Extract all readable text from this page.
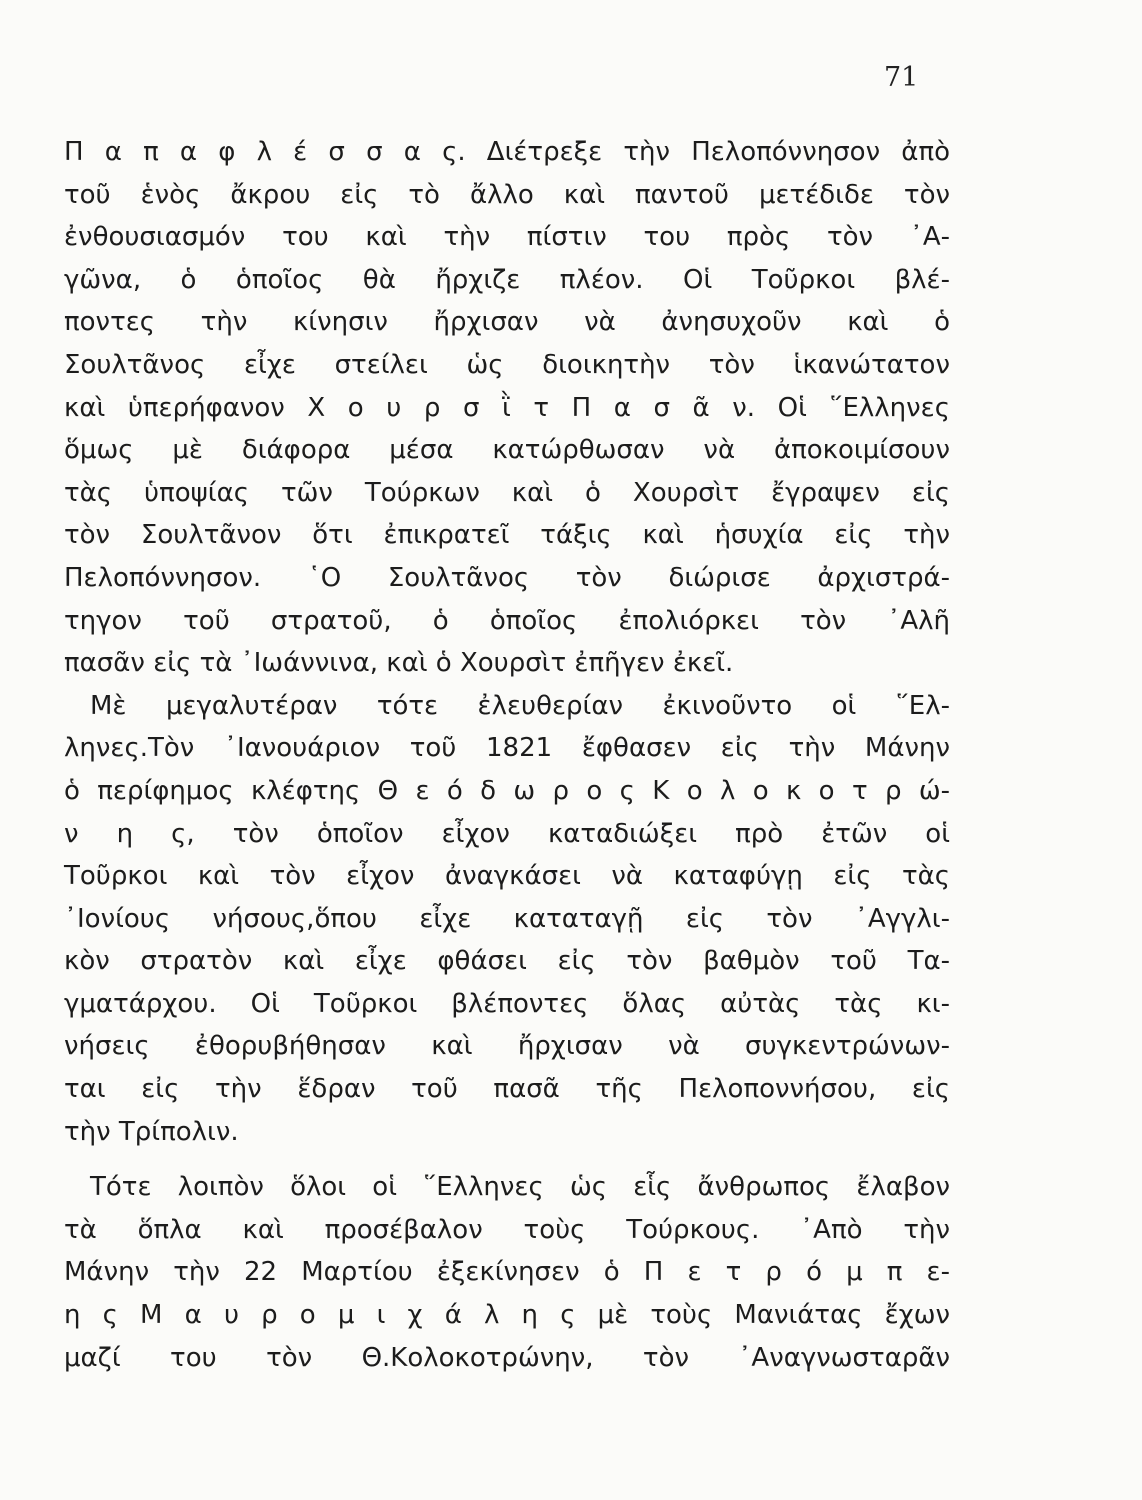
71
Π α π α φ λ έ σ σ α ς. Διέτρεξε τὴν Πελοπόννησον ἀπὸ
τοῦ ἑνὸς ἄκρου εἰς τὸ ἄλλο καὶ παντοῦ μετέδιδε τὸν
ἐνθουσιασμόν του καὶ τὴν πίστιν του πρὸς τὸν ᾿Α-
γῶνα, ὁ ὁποῖος θὰ ἤρχιζε πλέον. Οἱ Τοῦρκοι βλέ-
ποντες τὴν κίνησιν ἤρχισαν νὰ ἀνησυχοῦν καὶ ὁ
Σουλτᾶνος εἶχε στείλει ὡς διοικητὴν τὸν ἱκανώτατον
καὶ ὑπερήφανον Χ ο υ ρ σ ῒ τ Π α σ ᾶ ν. Οἱ ῞Ελληνες
ὅμως μὲ διάφορα μέσα κατώρθωσαν νὰ ἀποκοιμίσουν
τὰς ὑποψίας τῶν Τούρκων καὶ ὁ Χουρσὶτ ἔγραψεν εἰς
τὸν Σουλτᾶνον ὅτι ἐπικρατεῖ τάξις καὶ ἡσυχία εἰς τὴν
Πελοπόννησον. ῾Ο Σουλτᾶνος τὸν διώρισε ἀρχιστρά-
τηγον τοῦ στρατοῦ, ὁ ὁποῖος ἐπολιόρκει τὸν ᾿Αλῆ
πασᾶν εἰς τὰ ᾿Ιωάννινα, καὶ ὁ Χουρσὶτ ἐπῆγεν ἐκεῖ.
Μὲ μεγαλυτέραν τότε ἐλευθερίαν ἐκινοῦντο οἱ ῞Ελ-
ληνες.Τὸν ᾿Ιανουάριον τοῦ 1821 ἔφθασεν εἰς τὴν Μάνην
ὁ περίφημος κλέφτης Θ ε ό δ ω ρ ο ς Κ ο λ ο κ ο τ ρ ώ-
ν η ς, τὸν ὁποῖον εἶχον καταδιώξει πρὸ ἐτῶν οἱ
Τοῦρκοι καὶ τὸν εἶχον ἀναγκάσει νὰ καταφύγῃ εἰς τὰς
᾿Ιονίους νήσους,ὅπου εἶχε καταταγῇ εἰς τὸν ᾿Αγγλι-
κὸν στρατὸν καὶ εἶχε φθάσει εἰς τὸν βαθμὸν τοῦ Τα-
γματάρχου. Οἱ Τοῦρκοι βλέποντες ὅλας αὐτὰς τὰς κι-
νήσεις ἐθορυβήθησαν καὶ ἤρχισαν νὰ συγκεντρώνων-
ται εἰς τὴν ἕδραν τοῦ πασᾶ τῆς Πελοποννήσου, εἰς
τὴν Τρίπολιν.
Τότε λοιπὸν ὅλοι οἱ ῞Ελληνες ὡς εἷς ἄνθρωπος ἔλαβον
τὰ ὅπλα καὶ προσέβαλον τοὺς Τούρκους. ᾿Απὸ τὴν
Μάνην τὴν 22 Μαρτίου ἐξεκίνησεν ὁ Π ε τ ρ ό μ π ε-
η ς Μ α υ ρ ο μ ι χ ά λ η ς μὲ τοὺς Μανιάτας ἔχων
μαζί του τὸν Θ.Κολοκοτρώνην, τὸν ᾿Αναγνωσταρᾶν
